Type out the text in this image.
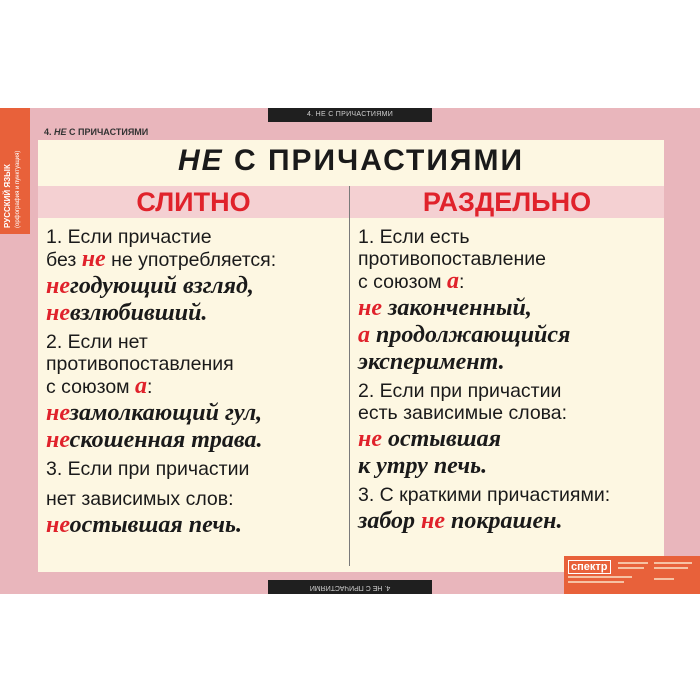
РУССКИЙ ЯЗЫК (орфография и пунктуация)
4. НЕ С ПРИЧАСТИЯМИ
4. НЕ С ПРИЧАСТИЯМИ
4. НЕ С ПРИЧАСТИЯМИ
НЕ С ПРИЧАСТИЯМИ
СЛИТНО	РАЗДЕЛЬНО

1. Если причастие

без не не употребляется:

негодующий взгляд,

невзлюбивший.

2. Если нет

противопоставления

с союзом а:

незамолкающий гул,

нескошенная трава.

3. Если при причастии

нет зависимых слов:

неостывшая печь.

1. Если есть

противопоставление

с союзом а:

не законченный,

а продолжающийся

эксперимент.

2. Если при причастии

есть зависимые слова:

не остывшая

к утру печь.

3. С краткими причастиями:

забор не покрашен.

спектр
